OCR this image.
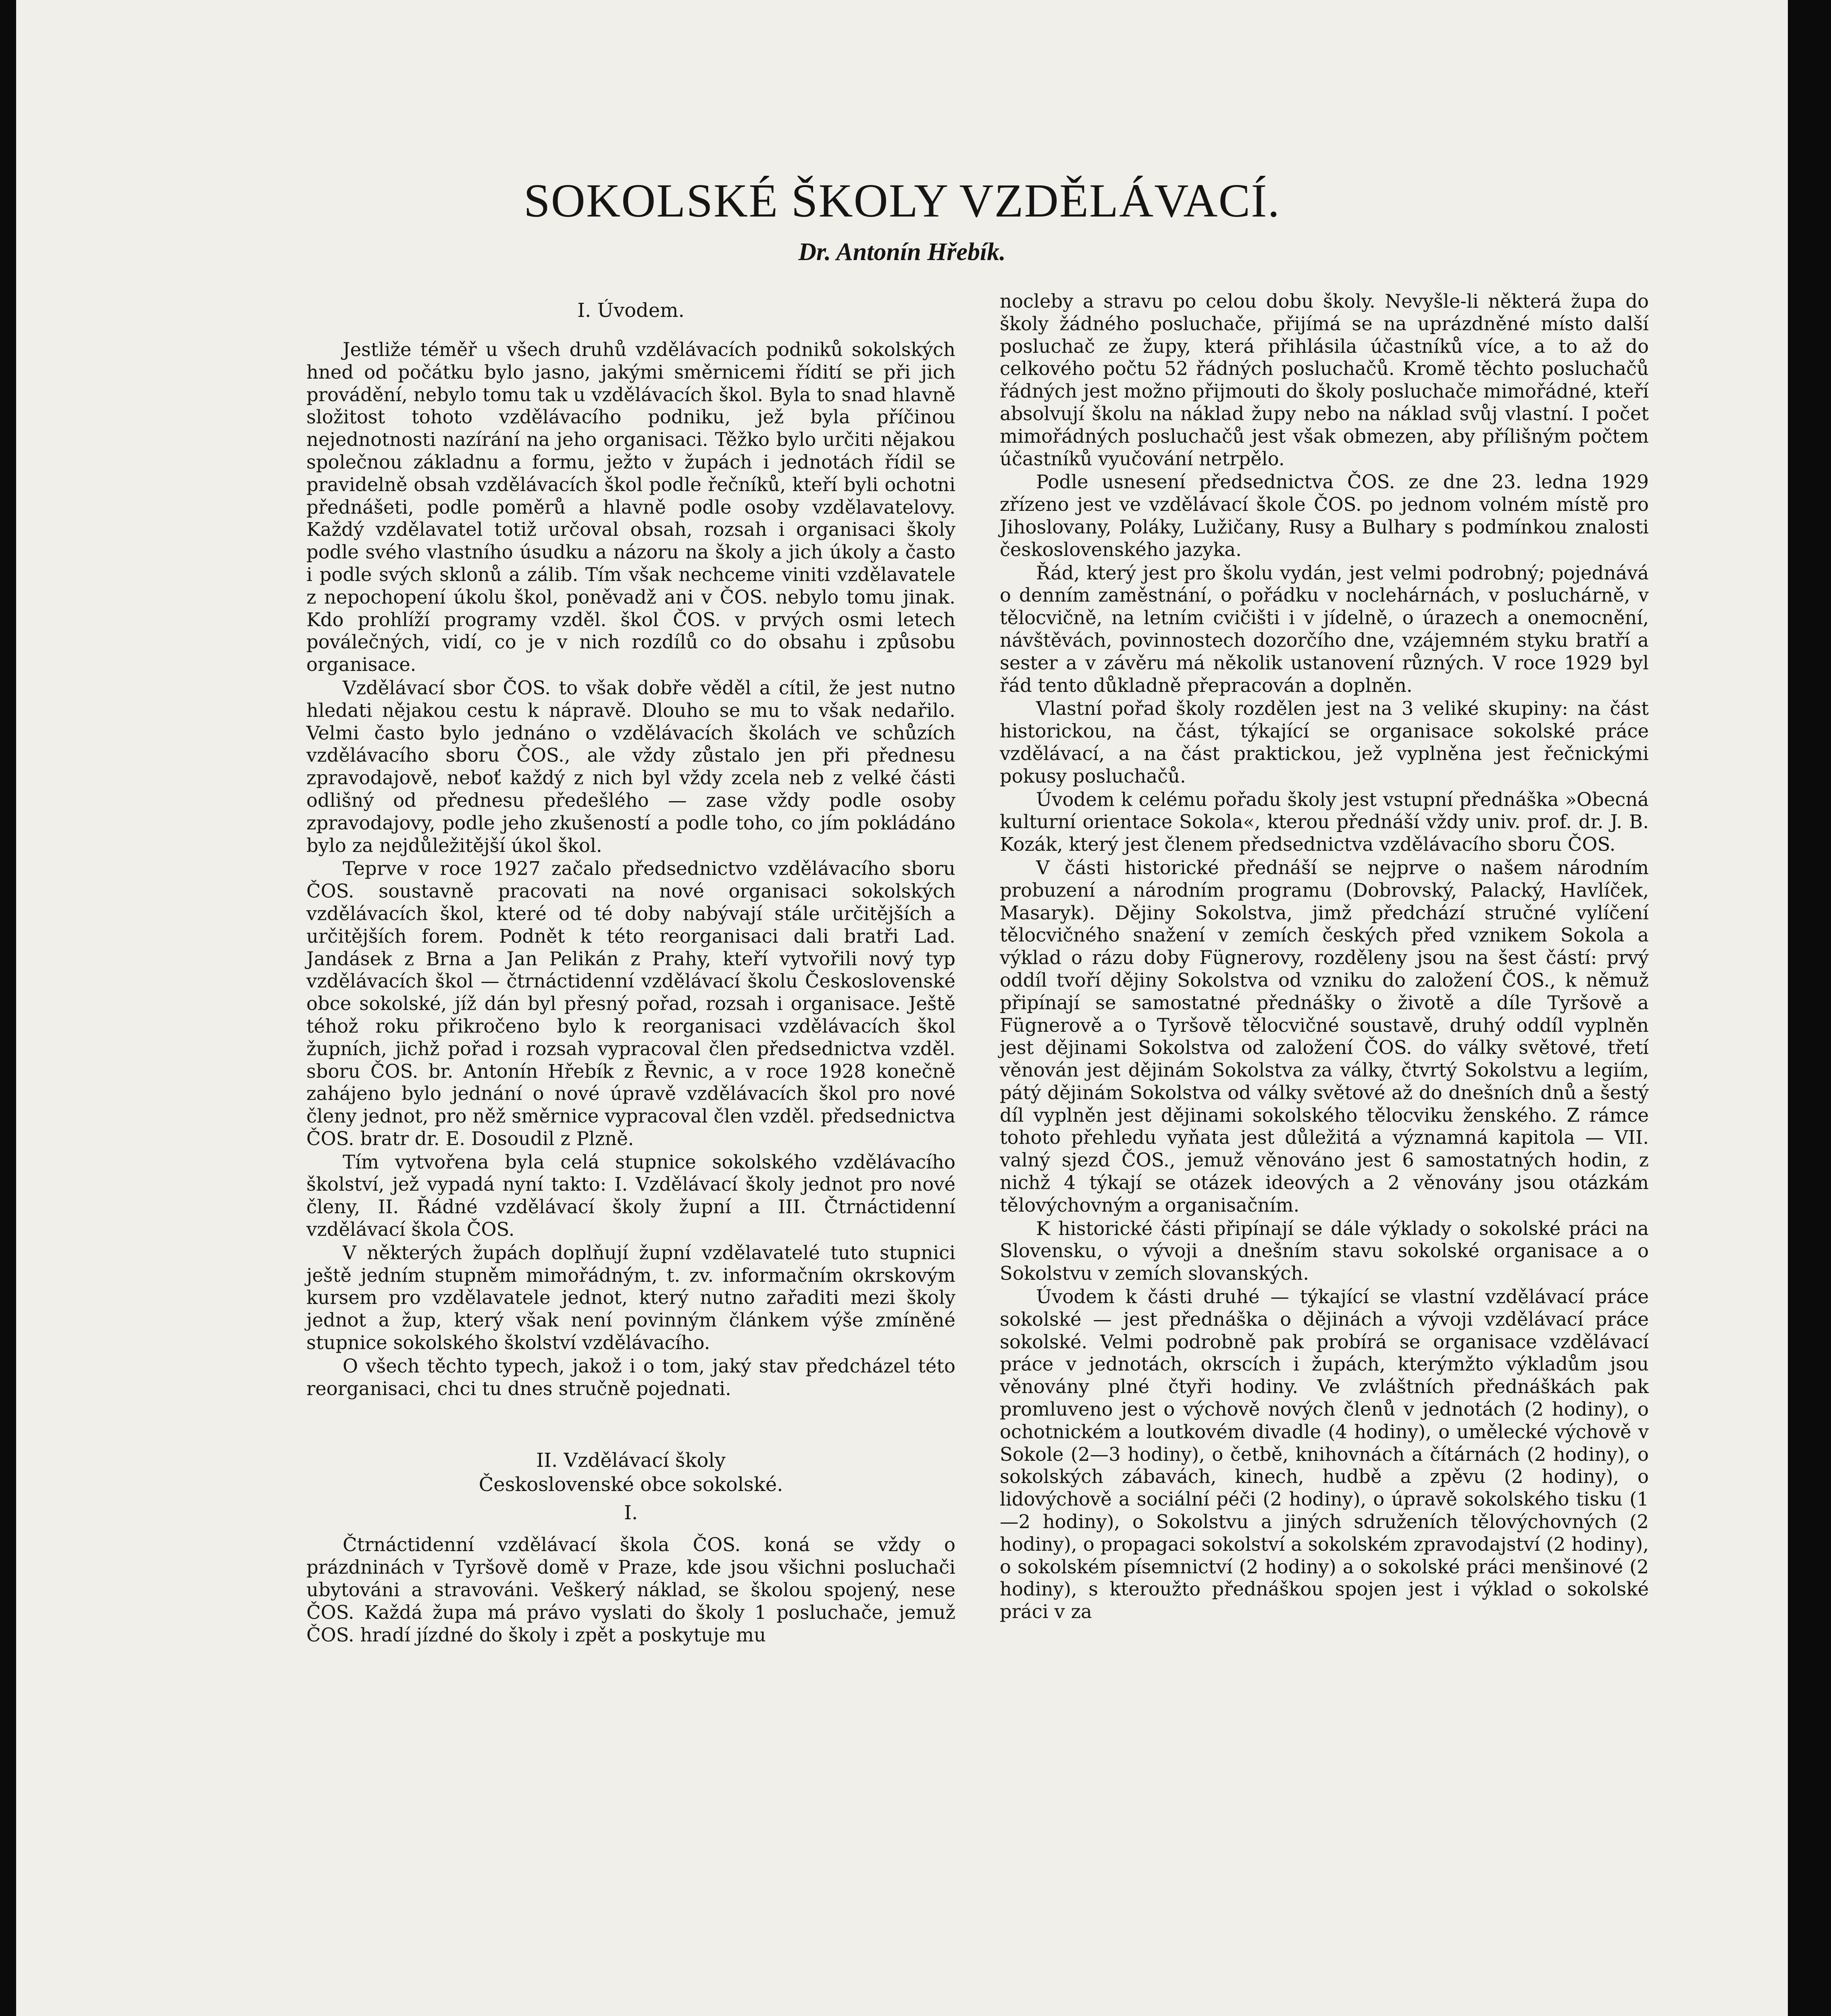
SOKOLSKÉ ŠKOLY VZDĚLÁVACÍ.
Dr. Antonín Hřebík.
I. Úvodem.

Jestliže téměř u všech druhů vzdělávacích podniků sokolských hned od počátku bylo jasno, jakými směrnicemi řídití se při jich provádění, nebylo tomu tak u vzdělávacích škol. Byla to snad hlavně složitost tohoto vzdělávacího podniku, jež byla příčinou nejednotnosti nazírání na jeho organisaci. Těžko bylo určiti nějakou společnou základnu a formu, ježto v župách i jednotách řídil se pravidelně obsah vzdělávacích škol podle řečníků, kteří byli ochotni přednášeti, podle poměrů a hlavně podle osoby vzdělavatelovy. Každý vzdělavatel totiž určoval obsah, rozsah i organisaci školy podle svého vlastního úsudku a názoru na školy a jich úkoly a často i podle svých sklonů a zálib. Tím však nechceme viniti vzdělavatele z nepochopení úkolu škol, poněvadž ani v ČOS. nebylo tomu jinak. Kdo prohlíží programy vzděl. škol ČOS. v prvých osmi letech poválečných, vidí, co je v nich rozdílů co do obsahu i způsobu organisace.

Vzdělávací sbor ČOS. to však dobře věděl a cítil, že jest nutno hledati nějakou cestu k nápravě. Dlouho se mu to však nedařilo. Velmi často bylo jednáno o vzdělávacích školách ve schůzích vzdělávacího sboru ČOS., ale vždy zůstalo jen při přednesu zpravodajově, neboť každý z nich byl vždy zcela neb z velké části odlišný od přednesu předešlého — zase vždy podle osoby zpravodajovy, podle jeho zkušeností a podle toho, co jím pokládáno bylo za nejdůležitější úkol škol.

Teprve v roce 1927 začalo předsednictvo vzdělávacího sboru ČOS. soustavně pracovati na nové organisaci sokolských vzdělávacích škol, které od té doby nabývají stále určitějších a určitějších forem. Podnět k této reorganisaci dali bratři Lad. Jandásek z Brna a Jan Pelikán z Prahy, kteří vytvořili nový typ vzdělávacích škol — čtrnáctidenní vzdělávací školu Československé obce sokolské, jíž dán byl přesný pořad, rozsah i organisace. Ještě téhož roku přikročeno bylo k reorganisaci vzdělávacích škol župních, jichž pořad i rozsah vypracoval člen předsednictva vzděl. sboru ČOS. br. Antonín Hřebík z Řevnic, a v roce 1928 konečně zahájeno bylo jednání o nové úpravě vzdělávacích škol pro nové členy jednot, pro něž směrnice vypracoval člen vzděl. předsednictva ČOS. bratr dr. E. Dosoudil z Plzně.

Tím vytvořena byla celá stupnice sokolského vzdělávacího školství, jež vypadá nyní takto: I. Vzdělávací školy jednot pro nové členy, II. Řádné vzdělávací školy župní a III. Čtrnáctidenní vzdělávací škola ČOS.

V některých župách doplňují župní vzdělavatelé tuto stupnici ještě jedním stupněm mimořádným, t. zv. informačním okrskovým kursem pro vzdělavatele jednot, který nutno zařaditi mezi školy jednot a žup, který však není povinným článkem výše zmíněné stupnice sokolského školství vzdělávacího.

O všech těchto typech, jakož i o tom, jaký stav předcházel této reorganisaci, chci tu dnes stručně pojednati.

II. Vzdělávací školy
Československé obce sokolské.
I.

Čtrnáctidenní vzdělávací škola ČOS. koná se vždy o prázdninách v Tyršově domě v Praze, kde jsou všichni posluchači ubytováni a stravováni. Veškerý náklad, se školou spojený, nese ČOS. Každá župa má právo vyslati do školy 1 posluchače, jemuž ČOS. hradí jízdné do školy i zpět a poskytuje mu

nocleby a stravu po celou dobu školy. Nevyšle-li některá župa do školy žádného posluchače, přijímá se na uprázdněné místo další posluchač ze župy, která přihlásila účastníků více, a to až do celkového počtu 52 řádných posluchačů. Kromě těchto posluchačů řádných jest možno přijmouti do školy posluchače mimořádné, kteří absolvují školu na náklad župy nebo na náklad svůj vlastní. I počet mimořádných posluchačů jest však obmezen, aby přílišným počtem účastníků vyučování netrpělo.

Podle usnesení předsednictva ČOS. ze dne 23. ledna 1929 zřízeno jest ve vzdělávací škole ČOS. po jednom volném místě pro Jihoslovany, Poláky, Lužičany, Rusy a Bulhary s podmínkou znalosti československého jazyka.

Řád, který jest pro školu vydán, jest velmi podrobný; pojednává o denním zaměstnání, o pořádku v noclehárnách, v posluchárně, v tělocvičně, na letním cvičišti i v jídelně, o úrazech a onemocnění, návštěvách, povinnostech dozorčího dne, vzájemném styku bratří a sester a v závěru má několik ustanovení různých. V roce 1929 byl řád tento důkladně přepracován a doplněn.

Vlastní pořad školy rozdělen jest na 3 veliké skupiny: na část historickou, na část, týkající se organisace sokolské práce vzdělávací, a na část praktickou, jež vyplněna jest řečnickými pokusy posluchačů.

Úvodem k celému pořadu školy jest vstupní přednáška »Obecná kulturní orientace Sokola«, kterou přednáší vždy univ. prof. dr. J. B. Kozák, který jest členem předsednictva vzdělávacího sboru ČOS.

V části historické přednáší se nejprve o našem národním probuzení a národním programu (Dobrovský, Palacký, Havlíček, Masaryk). Dějiny Sokolstva, jimž předchází stručné vylíčení tělocvičného snažení v zemích českých před vznikem Sokola a výklad o rázu doby Fügnerovy, rozděleny jsou na šest částí: prvý oddíl tvoří dějiny Sokolstva od vzniku do založení ČOS., k němuž připínají se samostatné přednášky o životě a díle Tyršově a Fügnerově a o Tyršově tělocvičné soustavě, druhý oddíl vyplněn jest dějinami Sokolstva od založení ČOS. do války světové, třetí věnován jest dějinám Sokolstva za války, čtvrtý Sokolstvu a legiím, pátý dějinám Sokolstva od války světové až do dnešních dnů a šestý díl vyplněn jest dějinami sokolského tělocviku ženského. Z rámce tohoto přehledu vyňata jest důležitá a významná kapitola — VII. valný sjezd ČOS., jemuž věnováno jest 6 samostatných hodin, z nichž 4 týkají se otázek ideových a 2 věnovány jsou otázkám tělovýchovným a organisačním.

K historické části připínají se dále výklady o sokolské práci na Slovensku, o vývoji a dnešním stavu sokolské organisace a o Sokolstvu v zemích slovanských.

Úvodem k části druhé — týkající se vlastní vzdělávací práce sokolské — jest přednáška o dějinách a vývoji vzdělávací práce sokolské. Velmi podrobně pak probírá se organisace vzdělávací práce v jednotách, okrscích i župách, kterýmžto výkladům jsou věnovány plné čtyři hodiny. Ve zvláštních přednáškách pak promluveno jest o výchově nových členů v jednotách (2 hodiny), o ochotnickém a loutkovém divadle (4 hodiny), o umělecké výchově v Sokole (2—3 hodiny), o četbě, knihovnách a čítárnách (2 hodiny), o sokolských zábavách, kinech, hudbě a zpěvu (2 hodiny), o lidovýchově a sociální péči (2 hodiny), o úpravě sokolského tisku (1—2 hodiny), o Sokolstvu a jiných sdruženích tělovýchovných (2 hodiny), o propagaci sokolství a sokolském zpravodajství (2 hodiny), o sokolském písemnictví (2 hodiny) a o sokolské práci menšinové (2 hodiny), s kteroužto přednáškou spojen jest i výklad o sokolské práci v za
